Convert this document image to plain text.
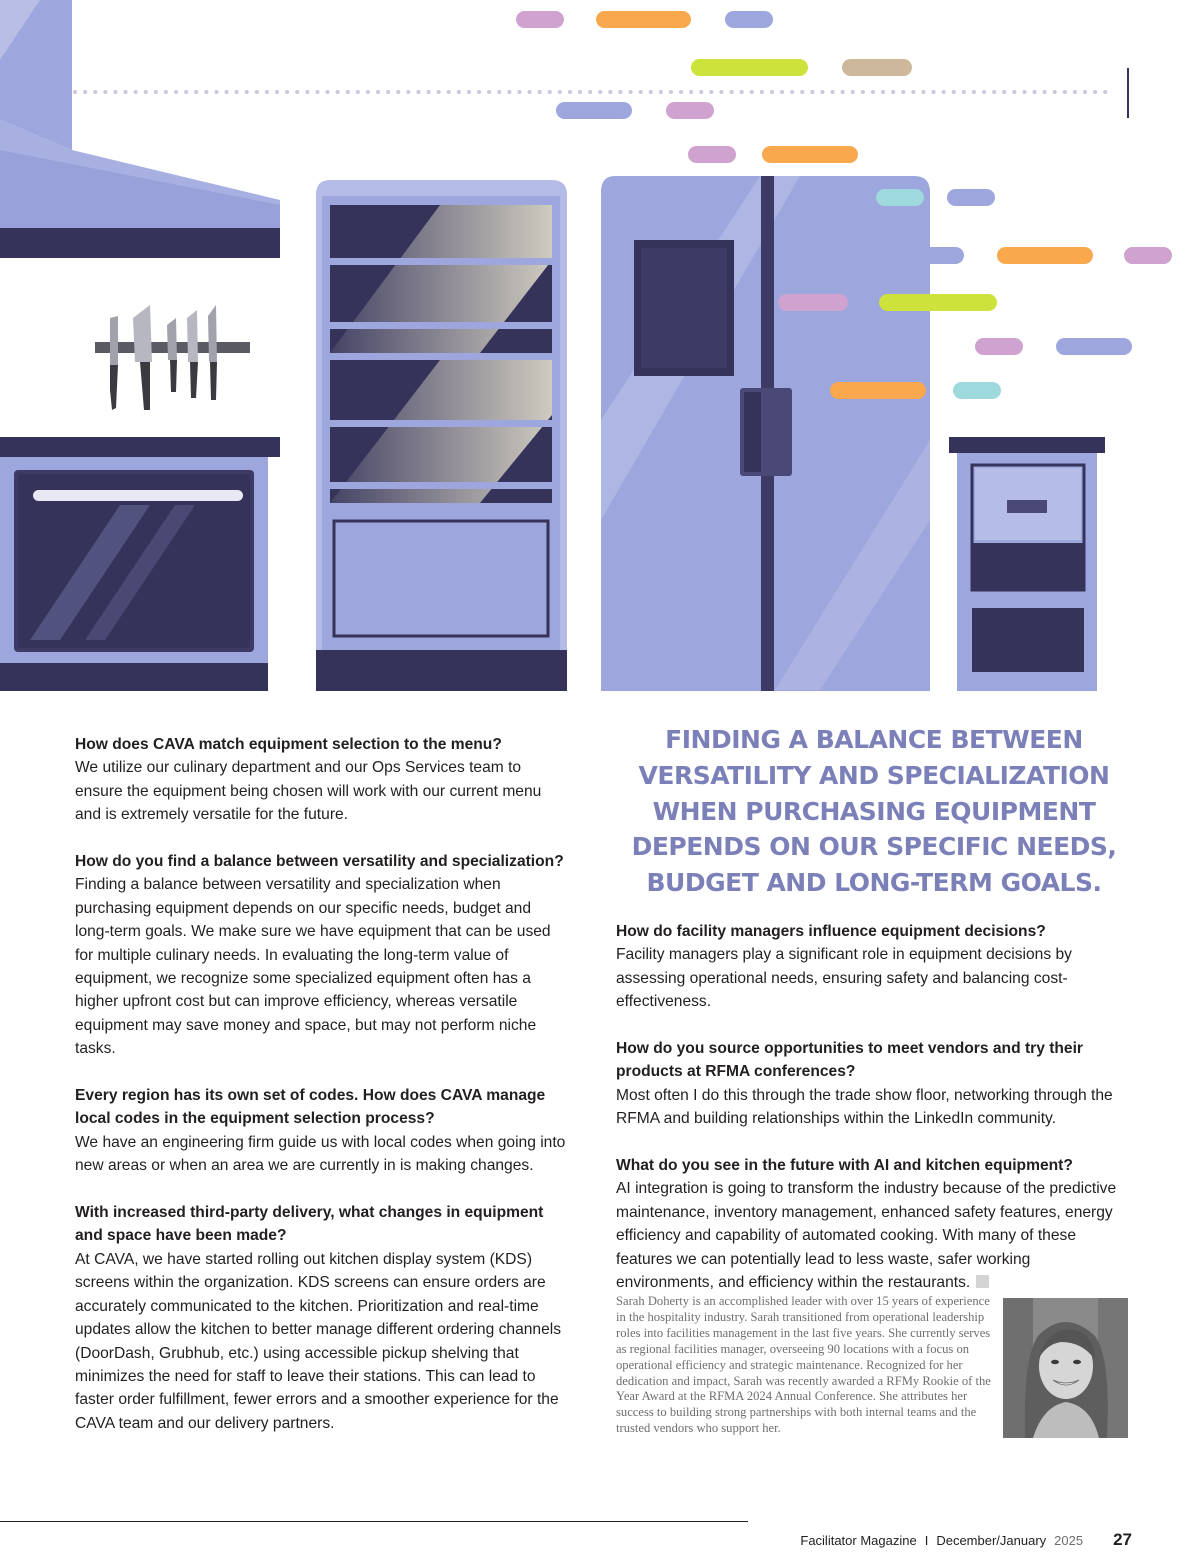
How does CAVA match equipment selection to the menu?
We utilize our culinary department and our Ops Services team to ensure the equipment being chosen will work with our current menu and is extremely versatile for the future.
How do you find a balance between versatility and specialization?
Finding a balance between versatility and specialization when purchasing equipment depends on our specific needs, budget and long-term goals. We make sure we have equipment that can be used for multiple culinary needs. In evaluating the long-term value of equipment, we recognize some specialized equipment often has a higher upfront cost but can improve efficiency, whereas versatile equipment may save money and space, but may not perform niche tasks.
Every region has its own set of codes. How does CAVA manage local codes in the equipment selection process?
We have an engineering firm guide us with local codes when going into new areas or when an area we are currently in is making changes.
With increased third-party delivery, what changes in equipment and space have been made?
At CAVA, we have started rolling out kitchen display system (KDS) screens within the organization. KDS screens can ensure orders are accurately communicated to the kitchen. Prioritization and real-time updates allow the kitchen to better manage different ordering channels (DoorDash, Grubhub, etc.) using accessible pickup shelving that minimizes the need for staff to leave their stations. This can lead to faster order fulfillment, fewer errors and a smoother experience for the CAVA team and our delivery partners.
FINDING A BALANCE BETWEEN VERSATILITY AND SPECIALIZATION WHEN PURCHASING EQUIPMENT DEPENDS ON OUR SPECIFIC NEEDS, BUDGET AND LONG-TERM GOALS.
How do facility managers influence equipment decisions?
Facility managers play a significant role in equipment decisions by assessing operational needs, ensuring safety and balancing cost-effectiveness.
How do you source opportunities to meet vendors and try their products at RFMA conferences?
Most often I do this through the trade show floor, networking through the RFMA and building relationships within the LinkedIn community.
What do you see in the future with AI and kitchen equipment?
AI integration is going to transform the industry because of the predictive maintenance, inventory management, enhanced safety features, energy efficiency and capability of automated cooking. With many of these features we can potentially lead to less waste, safer working environments, and efficiency within the restaurants.
Sarah Doherty is an accomplished leader with over 15 years of experience in the hospitality industry. Sarah transitioned from operational leadership roles into facilities management in the last five years. She currently serves as regional facilities manager, overseeing 90 locations with a focus on operational efficiency and strategic maintenance. Recognized for her dedication and impact, Sarah was recently awarded a RFMy Rookie of the Year Award at the RFMA 2024 Annual Conference. She attributes her success to building strong partnerships with both internal teams and the trusted vendors who support her.
Facilitator Magazine I December/January 2025 27
